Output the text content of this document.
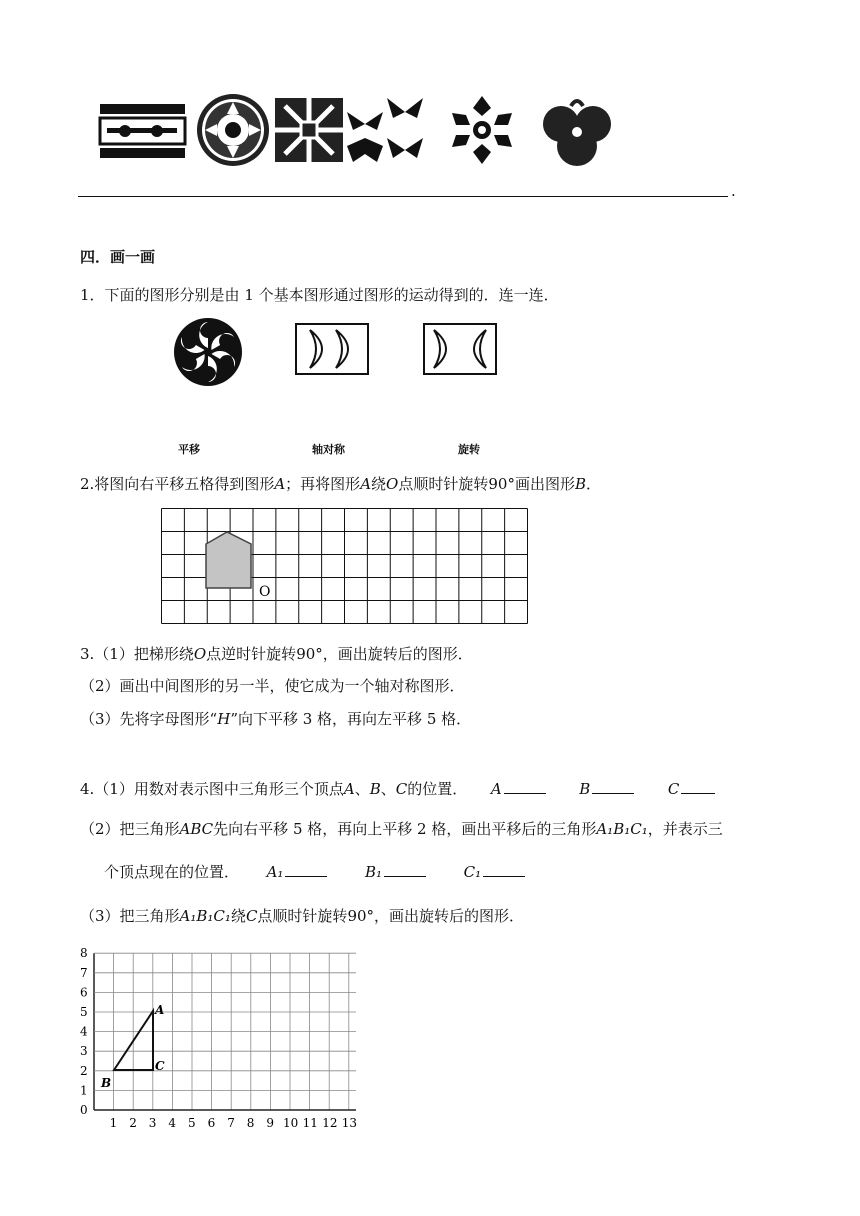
.
四．画一画
1．下面的图形分别是由 1 个基本图形通过图形的运动得到的．连一连．
平移	轴对称	旋转
2.将图向右平移五格得到图形A；再将图形A绕O点顺时针旋转90°画出图形B．
O
3.（1）把梯形绕O点逆时针旋转90°，画出旋转后的图形．
（2）画出中间图形的另一半，使它成为一个轴对称图形．
（3）先将字母图形“H”向下平移 3 格，再向左平移 5 格．
4.（1）用数对表示图中三角形三个顶点A、B、C的位置． A	B	C
（2）把三角形ABC先向右平移 5 格，再向上平移 2 格，画出平移后的三角形A₁B₁C₁，并表示三
个顶点现在的位置． A₁	B₁	C₁
（3）把三角形A₁B₁C₁绕C点顺时针旋转90°，画出旋转后的图形．
8
7
6
5
4
3
2
1
0
1 2 3 4 5 6 7 8 9 10 11 12 13
A
B
C
